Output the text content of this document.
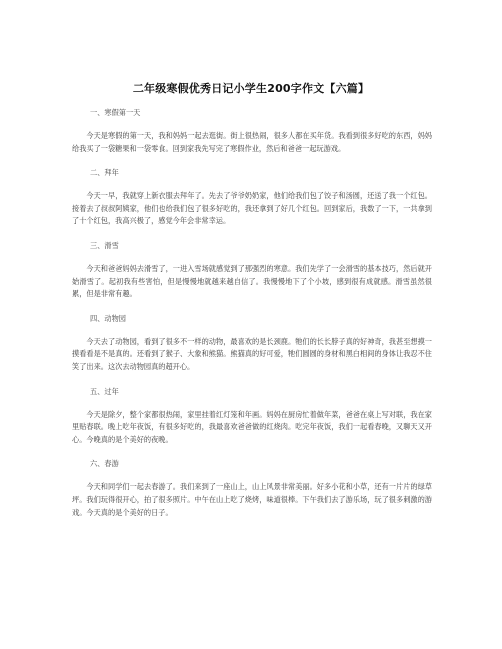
二年级寒假优秀日记小学生200字作文【六篇】

一、寒假第一天

今天是寒假的第一天，我和妈妈一起去逛街。街上很热闹，很多人都在买年货。我看到很多好吃的东西，妈妈给我买了一袋糖果和一袋零食。回到家我先写完了寒假作业，然后和爸爸一起玩游戏。

二、拜年

今天一早，我就穿上新衣服去拜年了。先去了爷爷奶奶家，他们给我们包了饺子和汤圆，还送了我一个红包。接着去了叔叔阿姨家，他们也给我们包了很多好吃的，我还拿到了好几个红包。回到家后，我数了一下，一共拿到了十个红包，我高兴极了，感觉今年会非常幸运。

三、滑雪

今天和爸爸妈妈去滑雪了，一进入雪场就感觉到了那强烈的寒意。我们先学了一会滑雪的基本技巧，然后就开始滑雪了。起初我有些害怕，但是慢慢地就越来越自信了。我慢慢地下了个小坡，感到很有成就感。滑雪虽然很累，但是非常有趣。

四、动物园

今天去了动物园，看到了很多不一样的动物，最喜欢的是长颈鹿。牠们的长长脖子真的好神奇，我甚至想摸一摸看看是不是真的。还看到了猴子、大象和熊猫。熊猫真的好可爱，牠们圆圆的身材和黑白相间的身体让我忍不住笑了出来。这次去动物园真的超开心。

五、过年

今天是除夕，整个家都很热闹，家里挂着红灯笼和年画。妈妈在厨房忙着做年菜，爸爸在桌上写对联，我在家里贴春联。晚上吃年夜饭，有很多好吃的，我最喜欢爸爸做的红烧肉。吃完年夜饭，我们一起看春晚，又聊天又开心。今晚真的是个美好的夜晚。

六、春游

今天和同学们一起去春游了。我们来到了一座山上，山上风景非常美丽。好多小花和小草，还有一片片的绿草坪。我们玩得很开心，拍了很多照片。中午在山上吃了烧烤，味道很棒。下午我们去了游乐场，玩了很多刺激的游戏。今天真的是个美好的日子。
